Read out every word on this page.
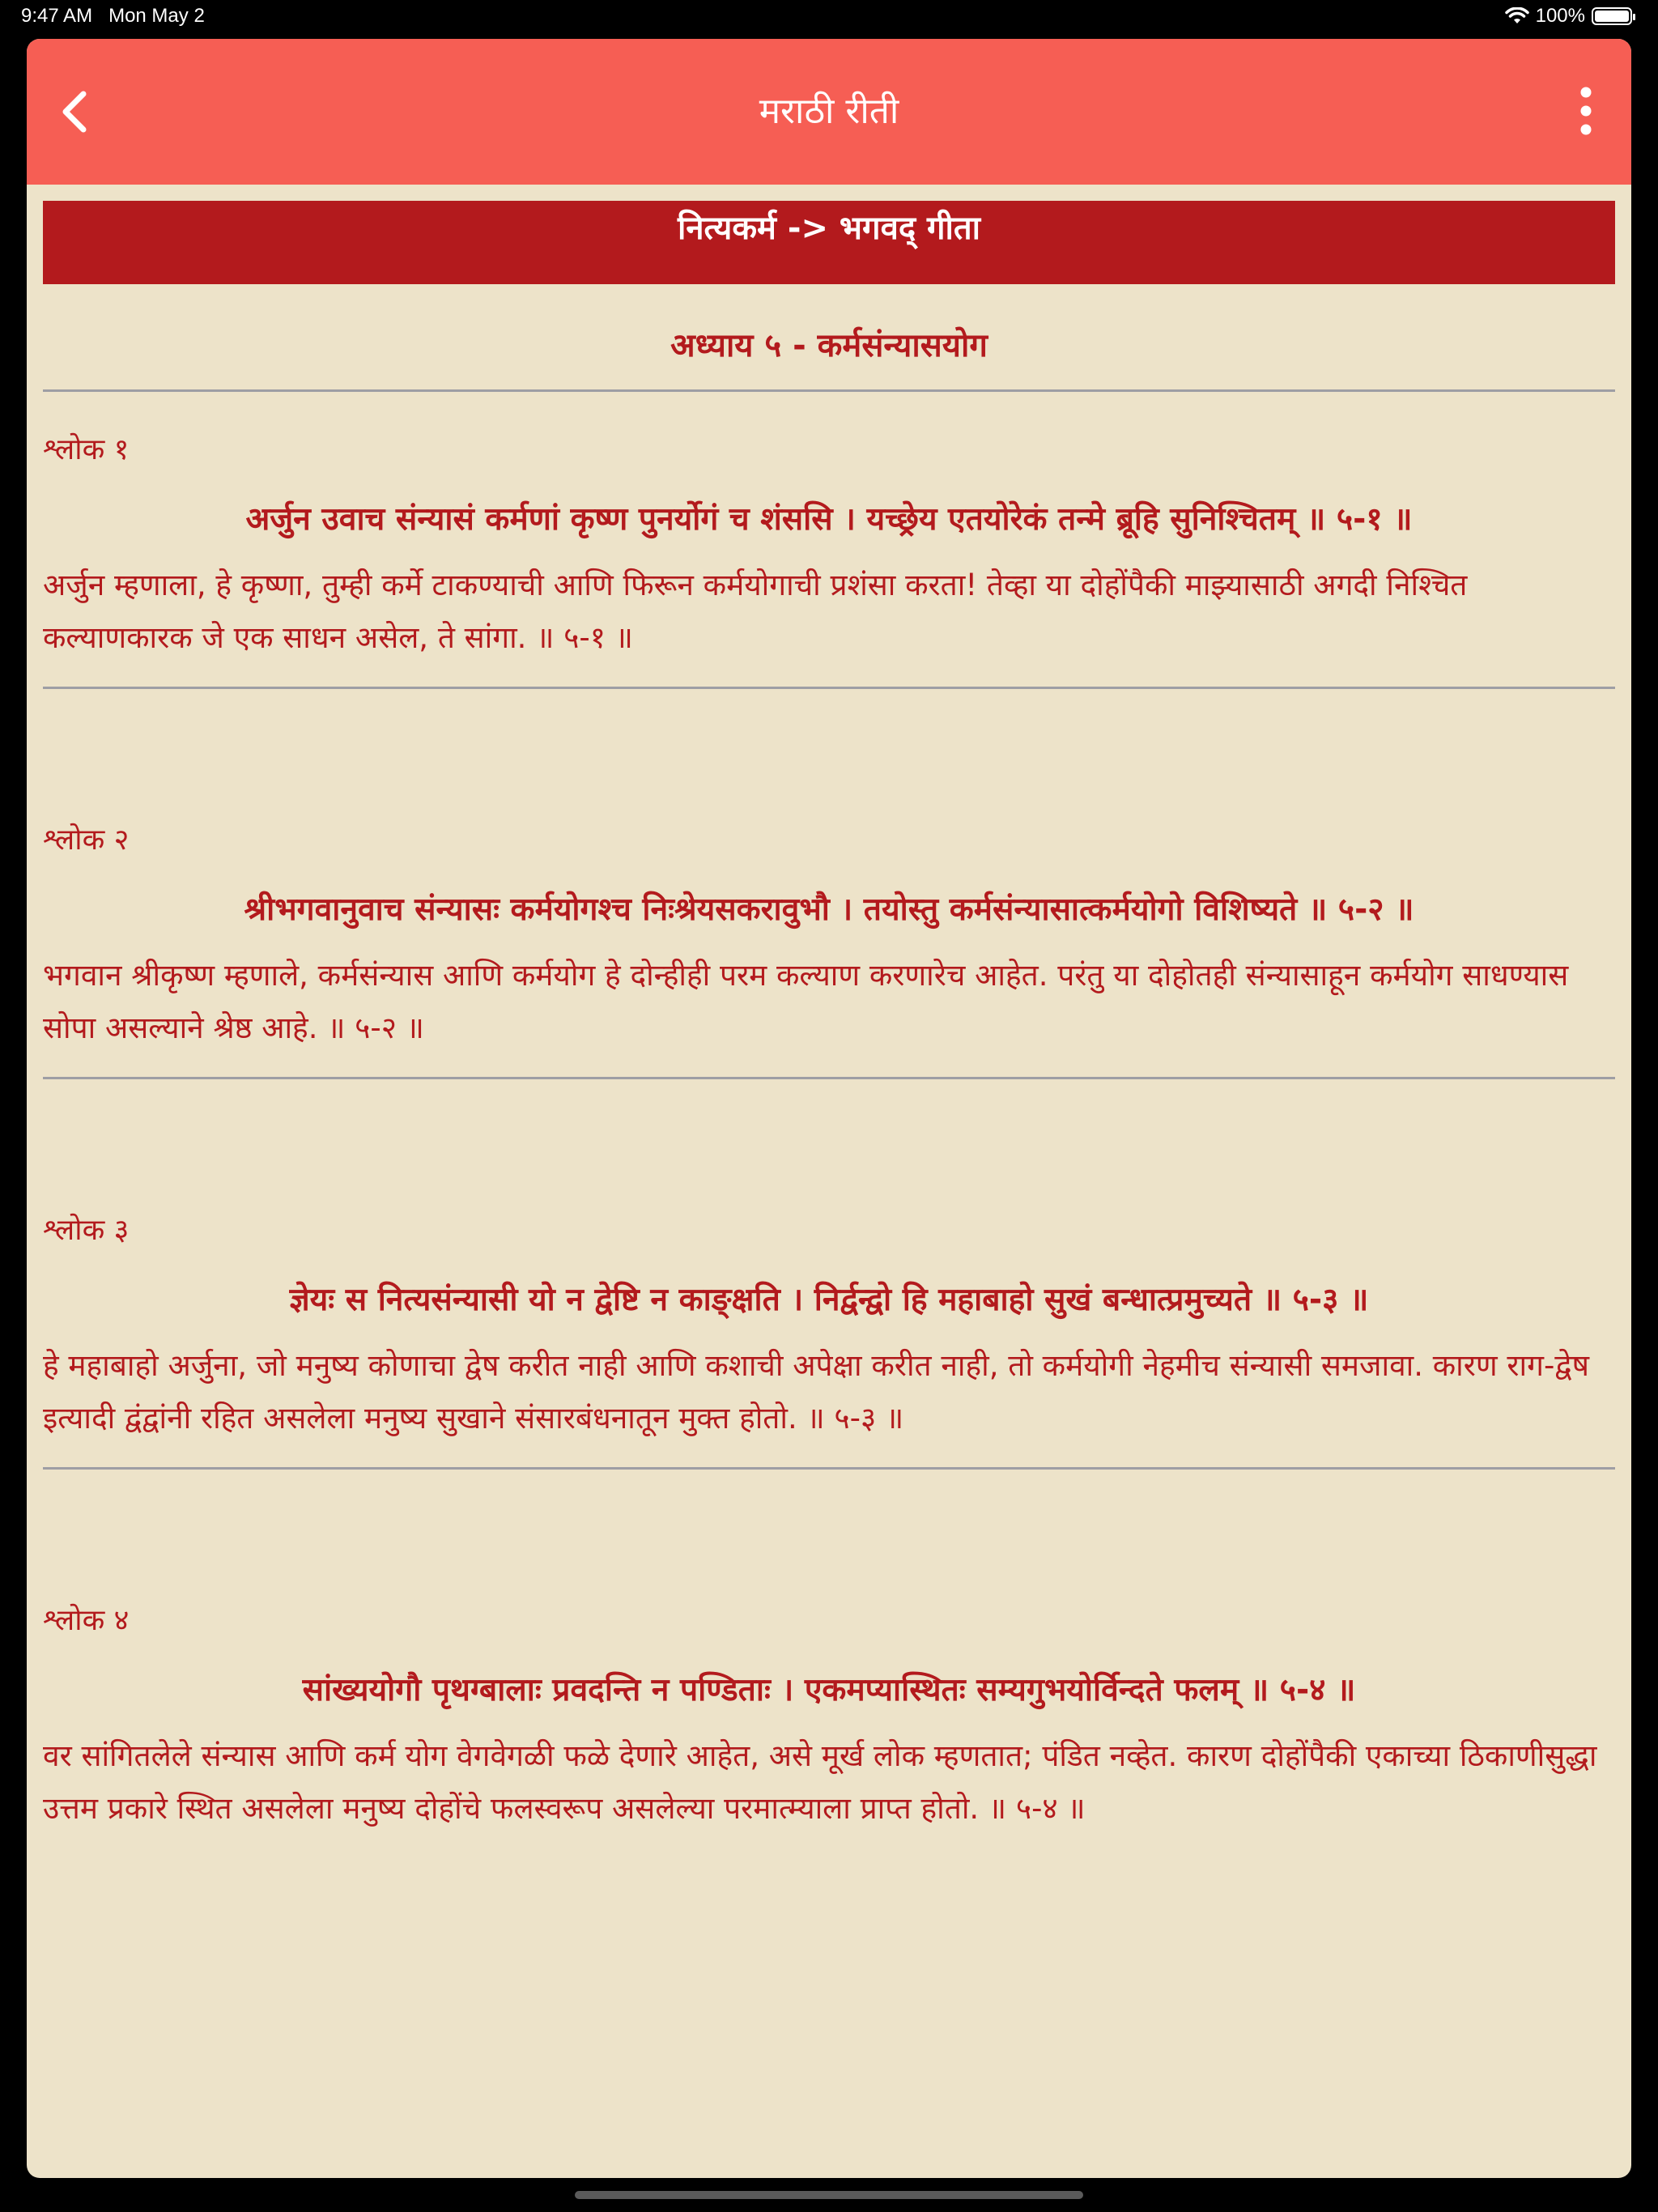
9:47 AM Mon May 2	100%
मराठी रीती
नित्यकर्म -> भगवद् गीता
अध्याय ५ - कर्मसंन्यासयोग
श्लोक १
अर्जुन उवाच संन्यासं कर्मणां कृष्ण पुनर्योगं च शंससि । यच्छ्रेय एतयोरेकं तन्मे ब्रूहि सुनिश्चितम् ॥ ५-१ ॥
अर्जुन म्हणाला, हे कृष्णा, तुम्ही कर्मे टाकण्याची आणि फिरून कर्मयोगाची प्रशंसा करता! तेव्हा या दोहोंपैकी माझ्यासाठी अगदी निश्चित कल्याणकारक जे एक साधन असेल, ते सांगा. ॥ ५-१ ॥
श्लोक २
श्रीभगवानुवाच संन्यासः कर्मयोगश्च निःश्रेयसकरावुभौ । तयोस्तु कर्मसंन्यासात्कर्मयोगो विशिष्यते ॥ ५-२ ॥
भगवान श्रीकृष्ण म्हणाले, कर्मसंन्यास आणि कर्मयोग हे दोन्हीही परम कल्याण करणारेच आहेत. परंतु या दोहोतही संन्यासाहून कर्मयोग साधण्यास सोपा असल्याने श्रेष्ठ आहे. ॥ ५-२ ॥
श्लोक ३
ज्ञेयः स नित्यसंन्यासी यो न द्वेष्टि न काङ्क्षति । निर्द्वन्द्वो हि महाबाहो सुखं बन्धात्प्रमुच्यते ॥ ५-३ ॥
हे महाबाहो अर्जुना, जो मनुष्य कोणाचा द्वेष करीत नाही आणि कशाची अपेक्षा करीत नाही, तो कर्मयोगी नेहमीच संन्यासी समजावा. कारण राग-द्वेष इत्यादी द्वंद्वांनी रहित असलेला मनुष्य सुखाने संसारबंधनातून मुक्त होतो. ॥ ५-३ ॥
श्लोक ४
सांख्ययोगौ पृथग्बालाः प्रवदन्ति न पण्डिताः । एकमप्यास्थितः सम्यगुभयोर्विन्दते फलम् ॥ ५-४ ॥
वर सांगितलेले संन्यास आणि कर्म योग वेगवेगळी फळे देणारे आहेत, असे मूर्ख लोक म्हणतात; पंडित नव्हेत. कारण दोहोंपैकी एकाच्या ठिकाणीसुद्धा उत्तम प्रकारे स्थित असलेला मनुष्य दोहोंचे फलस्वरूप असलेल्या परमात्म्याला प्राप्त होतो. ॥ ५-४ ॥
